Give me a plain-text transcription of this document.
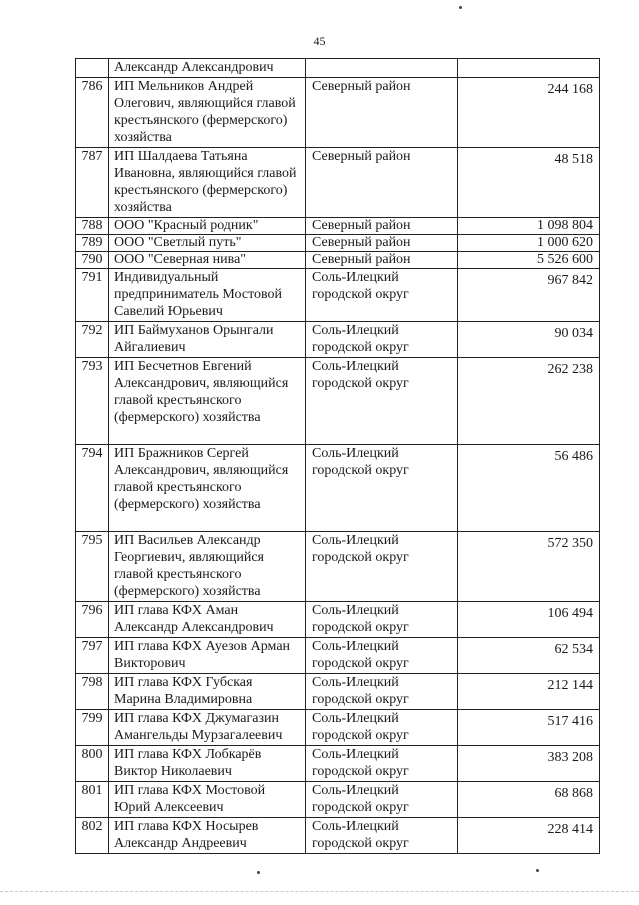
45
	Александр Александрович		
786	ИП Мельников Андрей Олегович, являющийся главой крестьянского (фермерского) хозяйства	Северный район	244 168
787	ИП Шалдаева Татьяна Ивановна, являющийся главой крестьянского (фермерского) хозяйства	Северный район	48 518
788	ООО "Красный родник"	Северный район	1 098 804
789	ООО "Светлый путь"	Северный район	1 000 620
790	ООО "Северная нива"	Северный район	5 526 600
791	Индивидуальный предприниматель Мостовой Савелий Юрьевич	Соль-Илецкий городской округ	967 842
792	ИП Баймуханов Орынгали Айгалиевич	Соль-Илецкий городской округ	90 034
793	ИП Бесчетнов Евгений Александрович, являющийся главой крестьянского (фермерского) хозяйства	Соль-Илецкий городской округ	262 238
794	ИП Бражников Сергей Александрович, являющийся главой крестьянского (фермерского) хозяйства	Соль-Илецкий городской округ	56 486
795	ИП Васильев Александр Георгиевич, являющийся главой крестьянского (фермерского) хозяйства	Соль-Илецкий городской округ	572 350
796	ИП глава КФХ Аман Александр Александрович	Соль-Илецкий городской округ	106 494
797	ИП глава КФХ Ауезов Арман Викторович	Соль-Илецкий городской округ	62 534
798	ИП глава КФХ Губская Марина Владимировна	Соль-Илецкий городской округ	212 144
799	ИП глава КФХ Джумагазин Амангельды Мурзагалеевич	Соль-Илецкий городской округ	517 416
800	ИП глава КФХ Лобкарёв Виктор Николаевич	Соль-Илецкий городской округ	383 208
801	ИП глава КФХ Мостовой Юрий Алексеевич	Соль-Илецкий городской округ	68 868
802	ИП глава КФХ Носырев Александр Андреевич	Соль-Илецкий городской округ	228 414
